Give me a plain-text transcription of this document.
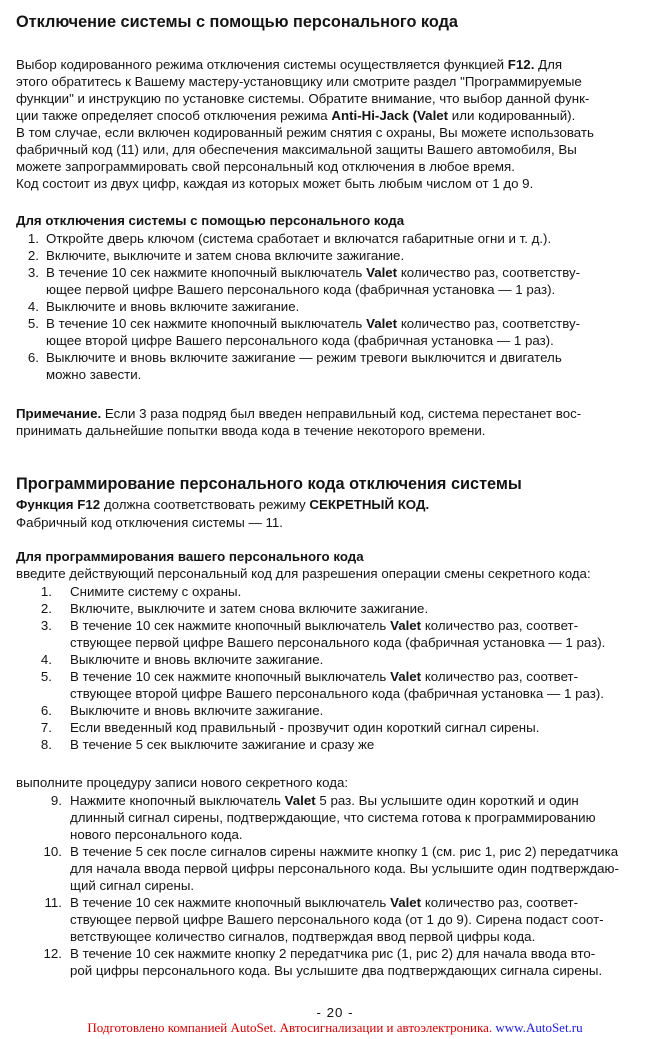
Отключение системы с помощью персонального кода
Выбор кодированного режима отключения системы осуществляется функцией F12. Для
этого обратитесь к Вашему мастеру-установщику или смотрите раздел "Программируемые
функции" и инструкцию по установке системы. Обратите внимание, что выбор данной функ-
ции также определяет способ отключения режима Anti-Hi-Jack (Valet или кодированный).
В том случае, если включен кодированный режим снятия с охраны, Вы можете использовать
фабричный код (11) или, для обеспечения максимальной защиты Вашего автомобиля, Вы
можете запрограммировать свой персональный код отключения в любое время.
Код состоит из двух цифр, каждая из которых может быть любым числом от 1 до 9.
Для отключения системы с помощью персонального кода
1. Откройте дверь ключом (система сработает и включатся габаритные огни и т. д.).
2. Включите, выключите и затем снова включите зажигание.
3. В течение 10 сек нажмите кнопочный выключатель Valet количество раз, соответству-
ющее первой цифре Вашего персонального кода (фабричная установка — 1 раз).
4. Выключите и вновь включите зажигание.
5. В течение 10 сек нажмите кнопочный выключатель Valet количество раз, соответству-
ющее второй цифре Вашего персонального кода (фабричная установка — 1 раз).
6. Выключите и вновь включите зажигание — режим тревоги выключится и двигатель
можно завести.
Примечание. Если 3 раза подряд был введен неправильный код, система перестанет вос-
принимать дальнейшие попытки ввода кода в течение некоторого времени.
Программирование персонального кода отключения системы
Функция F12 должна соответствовать режиму СЕКРЕТНЫЙ КОД.
Фабричный код отключения системы — 11.
Для программирования вашего персонального кода
введите действующий персональный код для разрешения операции смены секретного кода:
1. Снимите систему с охраны.
2. Включите, выключите и затем снова включите зажигание.
3. В течение 10 сек нажмите кнопочный выключатель Valet количество раз, соответ-
ствующее первой цифре Вашего персонального кода (фабричная установка — 1 раз).
4. Выключите и вновь включите зажигание.
5. В течение 10 сек нажмите кнопочный выключатель Valet количество раз, соответ-
ствующее второй цифре Вашего персонального кода (фабричная установка — 1 раз).
6. Выключите и вновь включите зажигание.
7. Если введенный код правильный - прозвучит один короткий сигнал сирены.
8. В течение 5 сек выключите зажигание и сразу же
выполните процедуру записи нового секретного кода:
9. Нажмите кнопочный выключатель Valet 5 раз. Вы услышите один короткий и один
длинный сигнал сирены, подтверждающие, что система готова к программированию
нового персонального кода.
10. В течение 5 сек после сигналов сирены нажмите кнопку 1 (см. рис 1, рис 2) передатчика
для начала ввода первой цифры персонального кода. Вы услышите один подтверждаю-
щий сигнал сирены.
11. В течение 10 сек нажмите кнопочный выключатель Valet количество раз, соответ-
ствующее первой цифре Вашего персонального кода (от 1 до 9). Сирена подаст соот-
ветствующее количество сигналов, подтверждая ввод первой цифры кода.
12. В течение 10 сек нажмите кнопку 2 передатчика рис (1, рис 2) для начала ввода вто-
рой цифры персонального кода. Вы услышите два подтверждающих сигнала сирены.
- 20 -
Подготовлено компанией AutoSet. Автосигнализации и автоэлектроника. www.AutoSet.ru
